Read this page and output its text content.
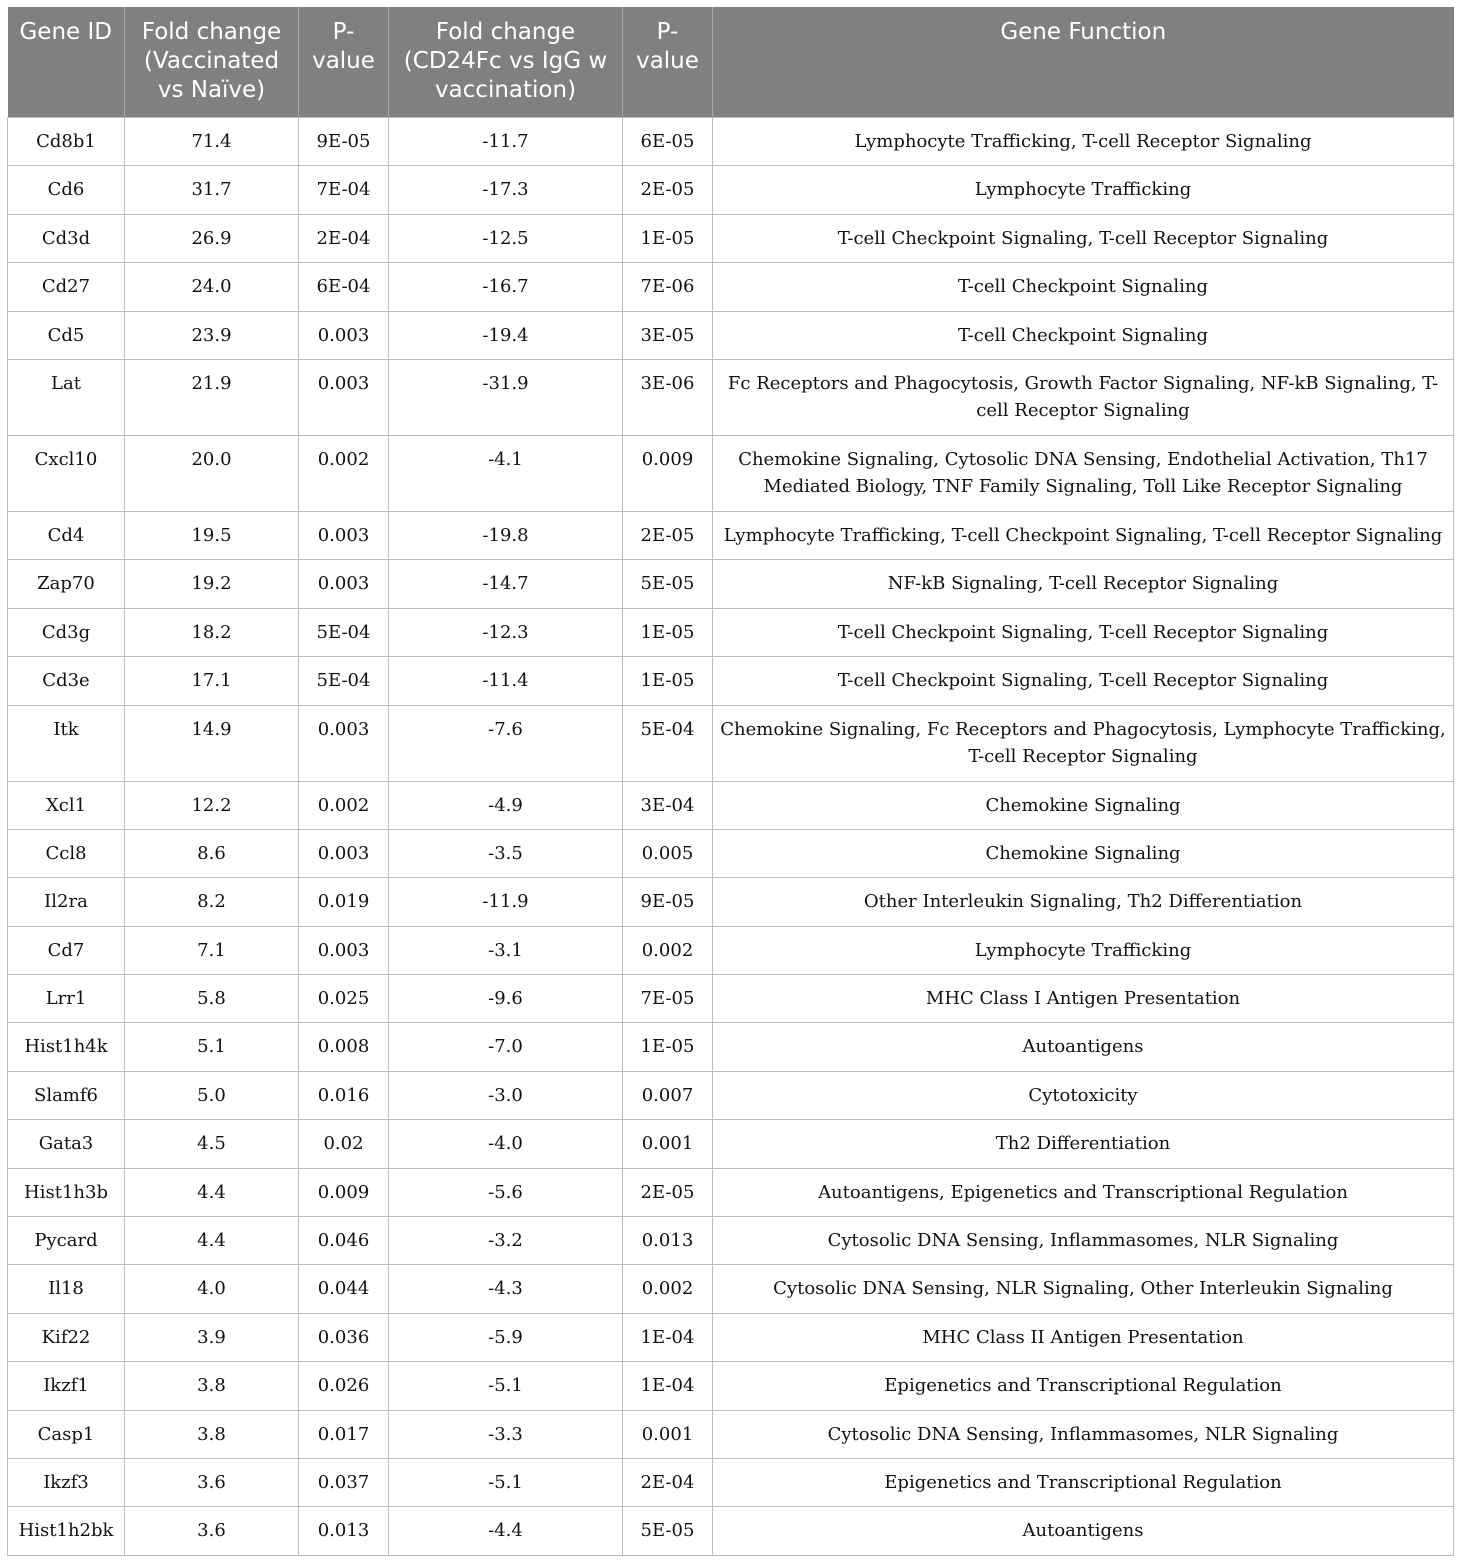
Gene ID	Fold change (Vaccinated vs Naïve)	P-value	Fold change (CD24Fc vs IgG w vaccination)	P-value	Gene Function
Cd8b1	71.4	9E-05	-11.7	6E-05	Lymphocyte Trafficking, T-cell Receptor Signaling
Cd6	31.7	7E-04	-17.3	2E-05	Lymphocyte Trafficking
Cd3d	26.9	2E-04	-12.5	1E-05	T-cell Checkpoint Signaling, T-cell Receptor Signaling
Cd27	24.0	6E-04	-16.7	7E-06	T-cell Checkpoint Signaling
Cd5	23.9	0.003	-19.4	3E-05	T-cell Checkpoint Signaling
Lat	21.9	0.003	-31.9	3E-06	Fc Receptors and Phagocytosis, Growth Factor Signaling, NF-kB Signaling, T-cell Receptor Signaling
Cxcl10	20.0	0.002	-4.1	0.009	Chemokine Signaling, Cytosolic DNA Sensing, Endothelial Activation, Th17 Mediated Biology, TNF Family Signaling, Toll Like Receptor Signaling
Cd4	19.5	0.003	-19.8	2E-05	Lymphocyte Trafficking, T-cell Checkpoint Signaling, T-cell Receptor Signaling
Zap70	19.2	0.003	-14.7	5E-05	NF-kB Signaling, T-cell Receptor Signaling
Cd3g	18.2	5E-04	-12.3	1E-05	T-cell Checkpoint Signaling, T-cell Receptor Signaling
Cd3e	17.1	5E-04	-11.4	1E-05	T-cell Checkpoint Signaling, T-cell Receptor Signaling
Itk	14.9	0.003	-7.6	5E-04	Chemokine Signaling, Fc Receptors and Phagocytosis, Lymphocyte Trafficking, T-cell Receptor Signaling
Xcl1	12.2	0.002	-4.9	3E-04	Chemokine Signaling
Ccl8	8.6	0.003	-3.5	0.005	Chemokine Signaling
Il2ra	8.2	0.019	-11.9	9E-05	Other Interleukin Signaling, Th2 Differentiation
Cd7	7.1	0.003	-3.1	0.002	Lymphocyte Trafficking
Lrr1	5.8	0.025	-9.6	7E-05	MHC Class I Antigen Presentation
Hist1h4k	5.1	0.008	-7.0	1E-05	Autoantigens
Slamf6	5.0	0.016	-3.0	0.007	Cytotoxicity
Gata3	4.5	0.02	-4.0	0.001	Th2 Differentiation
Hist1h3b	4.4	0.009	-5.6	2E-05	Autoantigens, Epigenetics and Transcriptional Regulation
Pycard	4.4	0.046	-3.2	0.013	Cytosolic DNA Sensing, Inflammasomes, NLR Signaling
Il18	4.0	0.044	-4.3	0.002	Cytosolic DNA Sensing, NLR Signaling, Other Interleukin Signaling
Kif22	3.9	0.036	-5.9	1E-04	MHC Class II Antigen Presentation
Ikzf1	3.8	0.026	-5.1	1E-04	Epigenetics and Transcriptional Regulation
Casp1	3.8	0.017	-3.3	0.001	Cytosolic DNA Sensing, Inflammasomes, NLR Signaling
Ikzf3	3.6	0.037	-5.1	2E-04	Epigenetics and Transcriptional Regulation
Hist1h2bk	3.6	0.013	-4.4	5E-05	Autoantigens
